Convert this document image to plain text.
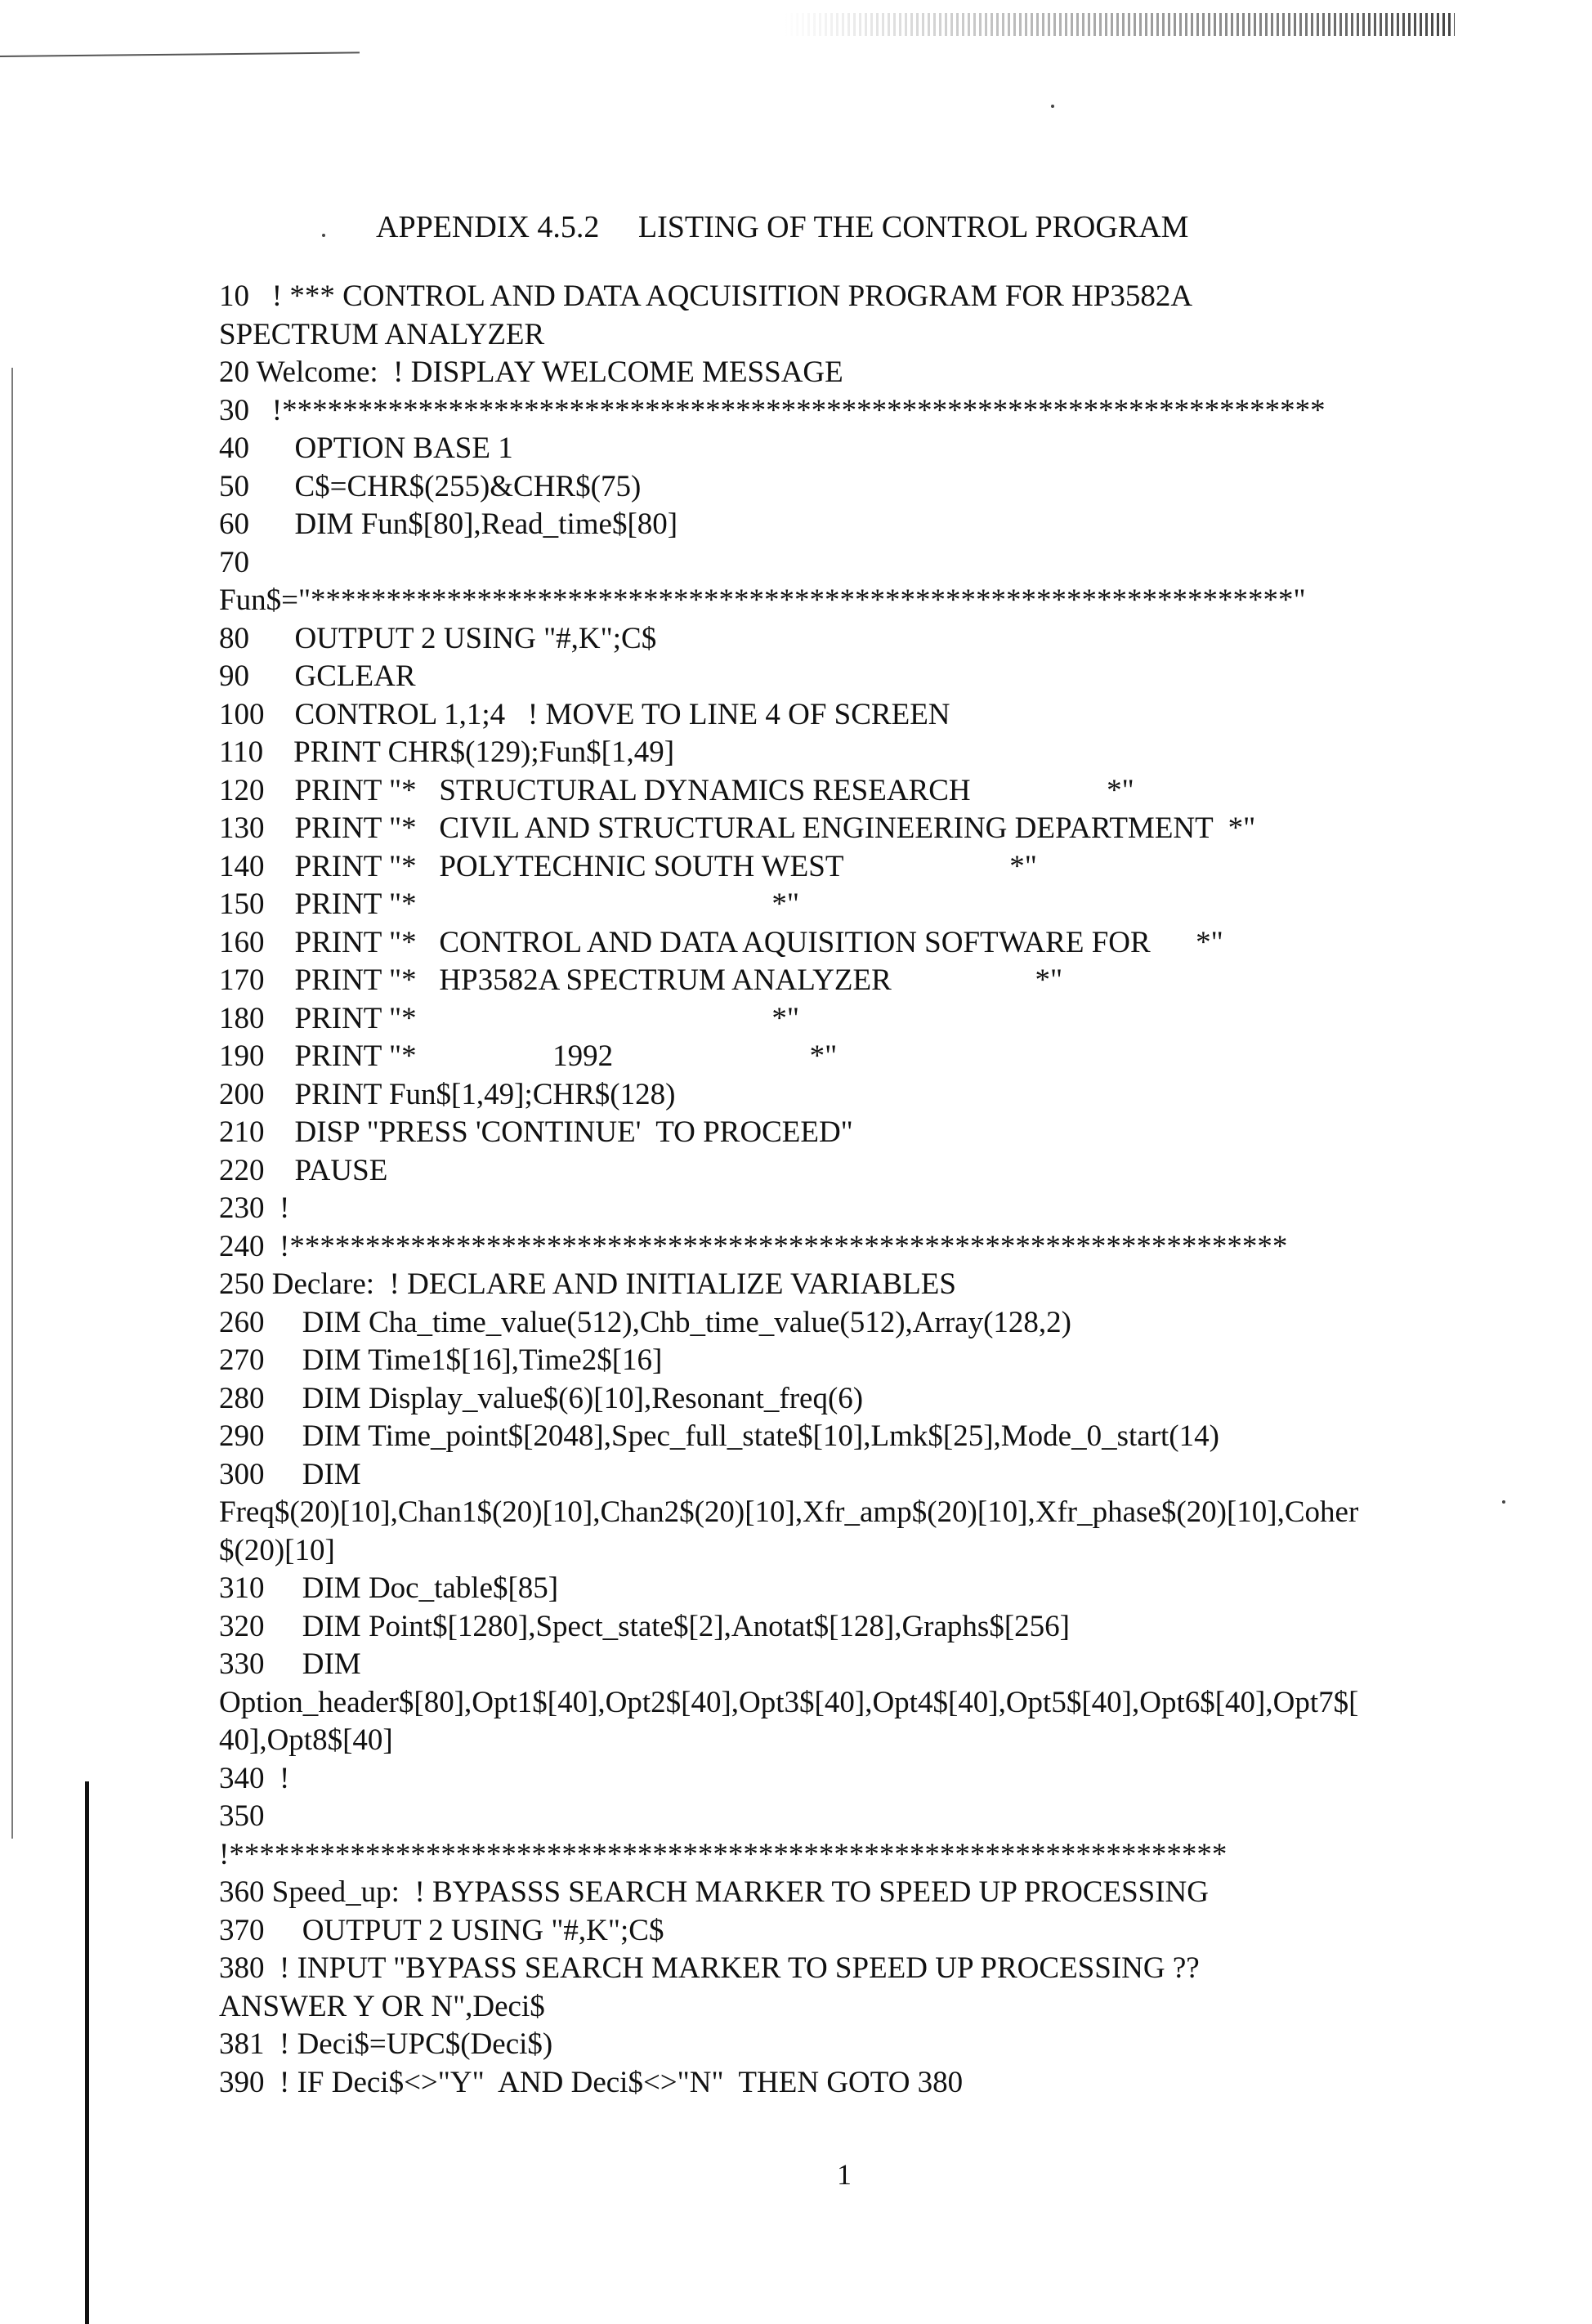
APPENDIX 4.5.2     LISTING OF THE CONTROL PROGRAM
10   ! *** CONTROL AND DATA AQCUISITION PROGRAM FOR HP3582A
SPECTRUM ANALYZER
20 Welcome:  ! DISPLAY WELCOME MESSAGE
30   !*********************************************************************
40      OPTION BASE 1
50      C$=CHR$(255)&CHR$(75)
60      DIM Fun$[80],Read_time$[80]
70
Fun$="*****************************************************************"
80      OUTPUT 2 USING "#,K";C$
90      GCLEAR
100    CONTROL 1,1;4   ! MOVE TO LINE 4 OF SCREEN
110    PRINT CHR$(129);Fun$[1,49]
120    PRINT "*   STRUCTURAL DYNAMICS RESEARCH                  *"
130    PRINT "*   CIVIL AND STRUCTURAL ENGINEERING DEPARTMENT  *"
140    PRINT "*   POLYTECHNIC SOUTH WEST                      *"
150    PRINT "*                                               *"
160    PRINT "*   CONTROL AND DATA AQUISITION SOFTWARE FOR      *"
170    PRINT "*   HP3582A SPECTRUM ANALYZER                   *"
180    PRINT "*                                               *"
190    PRINT "*                  1992                          *"
200    PRINT Fun$[1,49];CHR$(128)
210    DISP "PRESS 'CONTINUE'  TO PROCEED"
220    PAUSE
230  !
240  !******************************************************************
250 Declare:  ! DECLARE AND INITIALIZE VARIABLES
260     DIM Cha_time_value(512),Chb_time_value(512),Array(128,2)
270     DIM Time1$[16],Time2$[16]
280     DIM Display_value$(6)[10],Resonant_freq(6)
290     DIM Time_point$[2048],Spec_full_state$[10],Lmk$[25],Mode_0_start(14)
300     DIM
Freq$(20)[10],Chan1$(20)[10],Chan2$(20)[10],Xfr_amp$(20)[10],Xfr_phase$(20)[10],Coher
$(20)[10]
310     DIM Doc_table$[85]
320     DIM Point$[1280],Spect_state$[2],Anotat$[128],Graphs$[256]
330     DIM
Option_header$[80],Opt1$[40],Opt2$[40],Opt3$[40],Opt4$[40],Opt5$[40],Opt6$[40],Opt7$[
40],Opt8$[40]
340  !
350
!******************************************************************
360 Speed_up:  ! BYPASSS SEARCH MARKER TO SPEED UP PROCESSING
370     OUTPUT 2 USING "#,K";C$
380  ! INPUT "BYPASS SEARCH MARKER TO SPEED UP PROCESSING ??
ANSWER Y OR N",Deci$
381  ! Deci$=UPC$(Deci$)
390  ! IF Deci$<>"Y"  AND Deci$<>"N"  THEN GOTO 380
1
